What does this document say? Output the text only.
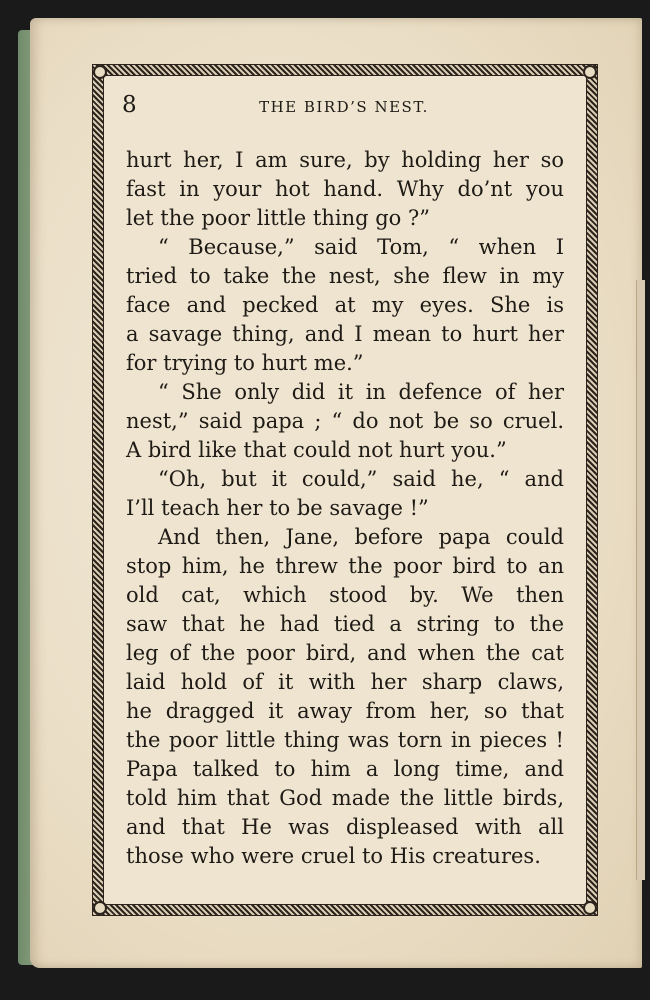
8	THE BIRD’S NEST.
hurt her, I am sure, by holding her so
fast in your hot hand. Why do’nt you
let the poor little thing go ?”
“ Because,” said Tom, “ when I
tried to take the nest, she flew in my
face and pecked at my eyes. She is
a savage thing, and I mean to hurt her
for trying to hurt me.”
“ She only did it in defence of her
nest,” said papa ; “ do not be so cruel.
A bird like that could not hurt you.”
“Oh, but it could,” said he, “ and
I’ll teach her to be savage !”
And then, Jane, before papa could
stop him, he threw the poor bird to an
old cat, which stood by. We then
saw that he had tied a string to the
leg of the poor bird, and when the cat
laid hold of it with her sharp claws,
he dragged it away from her, so that
the poor little thing was torn in pieces !
Papa talked to him a long time, and
told him that God made the little birds,
and that He was displeased with all
those who were cruel to His creatures.
